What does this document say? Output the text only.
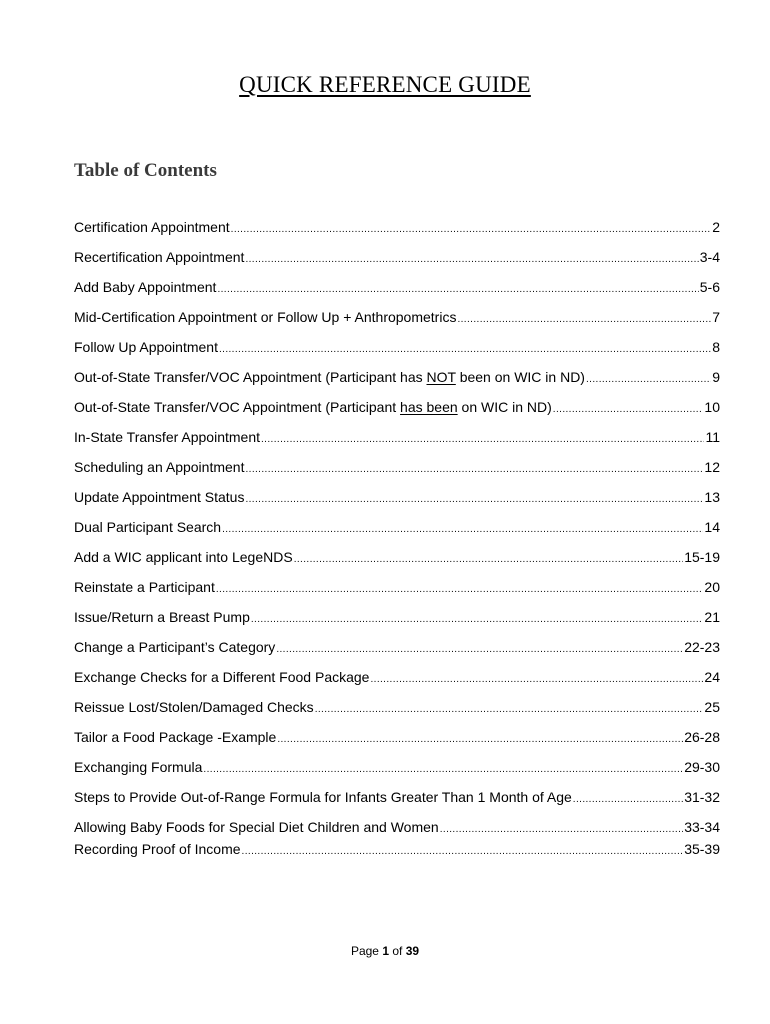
QUICK REFERENCE GUIDE
Table of Contents
Certification Appointment .....	2
Recertification Appointment .....	3-4
Add Baby Appointment .....	5-6
Mid-Certification Appointment or Follow Up + Anthropometrics .....	7
Follow Up Appointment .....	8
Out-of-State Transfer/VOC Appointment (Participant has NOT been on WIC in ND) .....	9
Out-of-State Transfer/VOC Appointment (Participant has been on WIC in ND) .....	10
In-State Transfer Appointment .....	11
Scheduling an Appointment .....	12
Update Appointment Status .....	13
Dual Participant Search .....	14
Add a WIC applicant into LegeNDS .....	15-19
Reinstate a Participant .....	20
Issue/Return a Breast Pump .....	21
Change a Participant’s Category .....	22-23
Exchange Checks for a Different Food Package .....	24
Reissue Lost/Stolen/Damaged Checks .....	25
Tailor a Food Package -Example .....	26-28
Exchanging Formula .....	29-30
Steps to Provide Out-of-Range Formula for Infants Greater Than 1 Month of Age .....	31-32
Allowing Baby Foods for Special Diet Children and Women .....	33-34
Recording Proof of Income .....	35-39
Page 1 of 39
